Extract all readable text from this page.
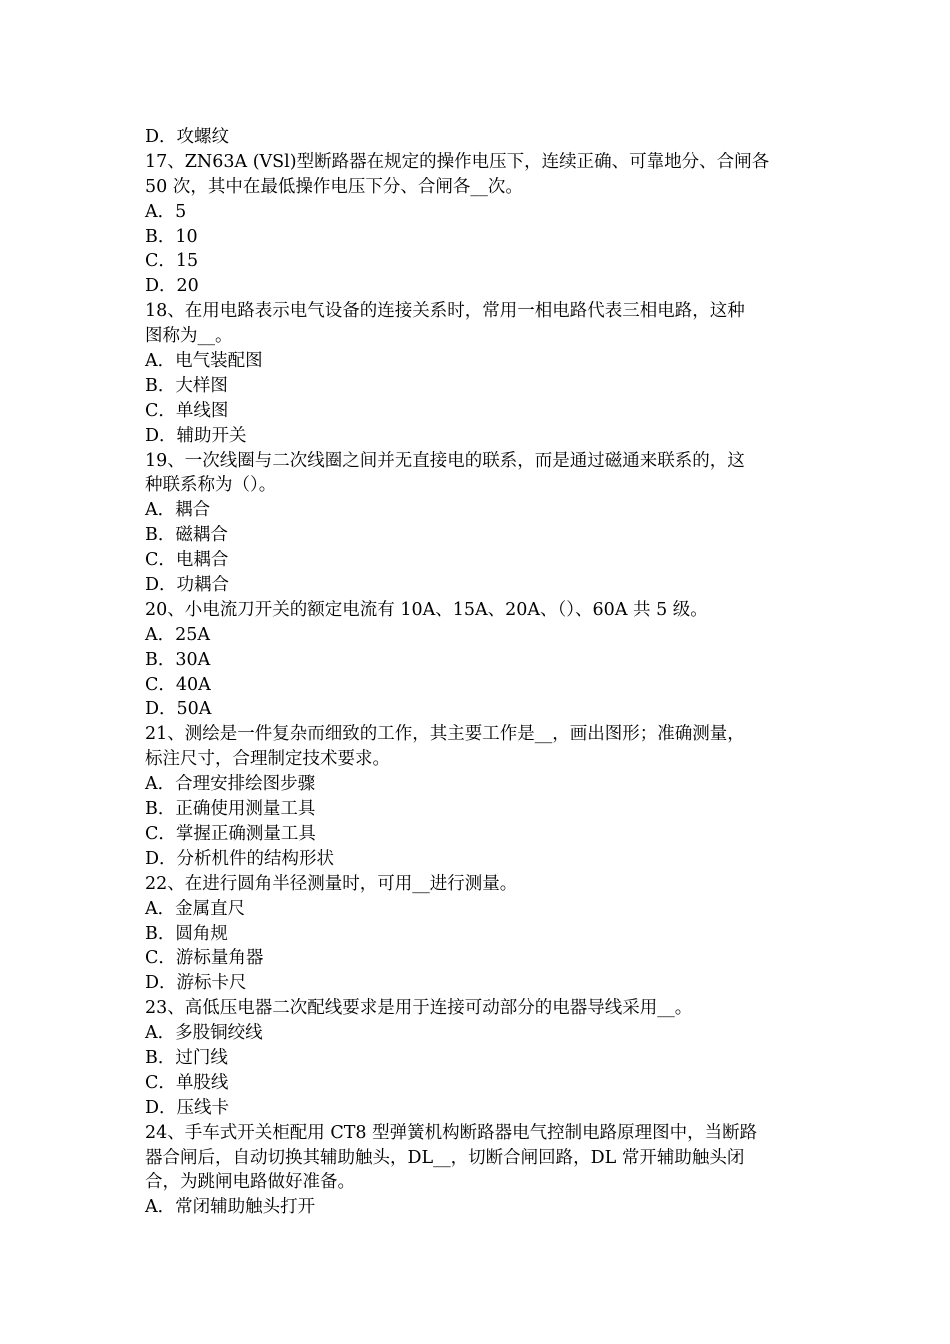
D．攻螺纹
17、ZN63A (VSl)型断路器在规定的操作电压下，连续正确、可靠地分、合闸各
50 次，其中在最低操作电压下分、合闸各__次。
A．5
B．10
C．15
D．20
18、在用电路表示电气设备的连接关系时，常用一相电路代表三相电路，这种
图称为__。
A．电气装配图
B．大样图
C．单线图
D．辅助开关
19、一次线圈与二次线圈之间并无直接电的联系，而是通过磁通来联系的，这
种联系称为（）。
A．耦合
B．磁耦合
C．电耦合
D．功耦合
20、小电流刀开关的额定电流有 10A、15A、20A、（）、60A 共 5 级。
A．25A
B．30A
C．40A
D．50A
21、测绘是一件复杂而细致的工作，其主要工作是__，画出图形；准确测量，
标注尺寸，合理制定技术要求。
A．合理安排绘图步骤
B．正确使用测量工具
C．掌握正确测量工具
D．分析机件的结构形状
22、在进行圆角半径测量时，可用__进行测量。
A．金属直尺
B．圆角规
C．游标量角器
D．游标卡尺
23、高低压电器二次配线要求是用于连接可动部分的电器导线采用__。
A．多股铜绞线
B．过门线
C．单股线
D．压线卡
24、手车式开关柜配用 CT8 型弹簧机构断路器电气控制电路原理图中，当断路
器合闸后，自动切换其辅助触头，DL__，切断合闸回路，DL 常开辅助触头闭
合，为跳闸电路做好准备。
A．常闭辅助触头打开
